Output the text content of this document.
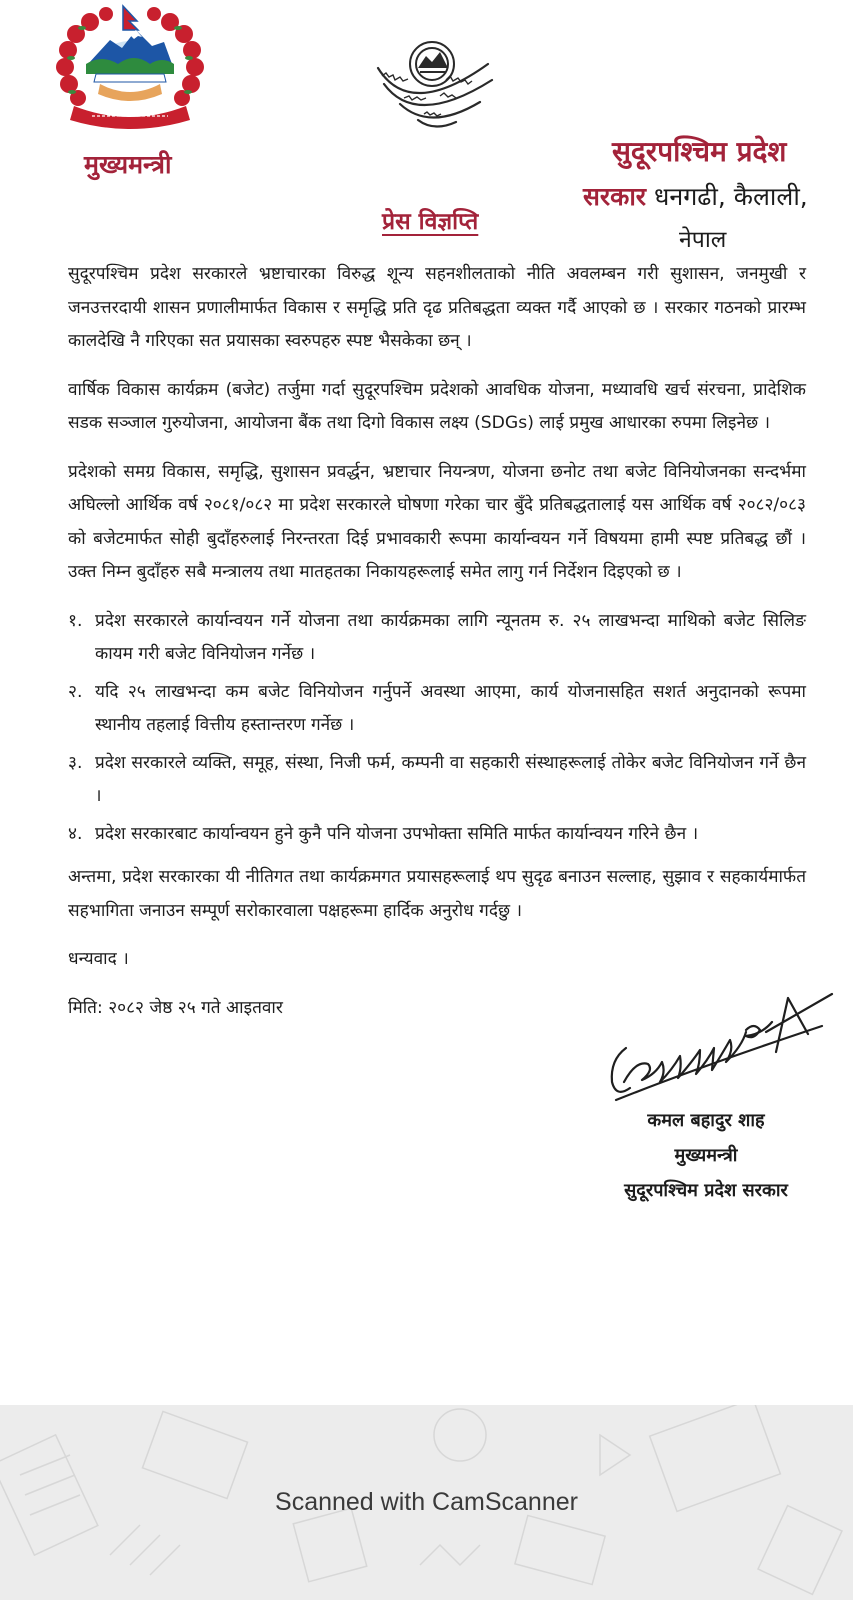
मुख्यमन्त्री	सुदूरपश्चिम प्रदेश
सरकार धनगढी, कैलाली,
नेपाल
प्रेस विज्ञप्ति

सुदूरपश्चिम प्रदेश सरकारले भ्रष्टाचारका विरुद्ध शून्य सहनशीलताको नीति अवलम्बन गरी सुशासन, जनमुखी र जनउत्तरदायी शासन प्रणालीमार्फत विकास र समृद्धि प्रति दृढ प्रतिबद्धता व्यक्त गर्दै आएको छ । सरकार गठनको प्रारम्भ कालदेखि नै गरिएका सत प्रयासका स्वरुपहरु स्पष्ट भैसकेका छन् ।

वार्षिक विकास कार्यक्रम (बजेट) तर्जुमा गर्दा सुदूरपश्चिम प्रदेशको आवधिक योजना, मध्यावधि खर्च संरचना, प्रादेशिक सडक सञ्जाल गुरुयोजना, आयोजना बैंक तथा दिगो विकास लक्ष्य (SDGs) लाई प्रमुख आधारका रुपमा लिइनेछ ।

प्रदेशको समग्र विकास, समृद्धि, सुशासन प्रवर्द्धन, भ्रष्टाचार नियन्त्रण, योजना छनोट तथा बजेट विनियोजनका सन्दर्भमा अघिल्लो आर्थिक वर्ष २०८१/०८२ मा प्रदेश सरकारले घोषणा गरेका चार बुँदे प्रतिबद्धतालाई यस आर्थिक वर्ष २०८२/०८३ को बजेटमार्फत सोही बुदाँहरुलाई निरन्तरता दिई प्रभावकारी रूपमा कार्यान्वयन गर्ने विषयमा हामी स्पष्ट प्रतिबद्ध छौं । उक्त निम्न बुदाँहरु सबै मन्त्रालय तथा मातहतका निकायहरूलाई समेत लागु गर्न निर्देशन दिइएको छ ।

१. प्रदेश सरकारले कार्यान्वयन गर्ने योजना तथा कार्यक्रमका लागि न्यूनतम रु. २५ लाखभन्दा माथिको बजेट सिलिङ कायम गरी बजेट विनियोजन गर्नेछ ।
२. यदि २५ लाखभन्दा कम बजेट विनियोजन गर्नुपर्ने अवस्था आएमा, कार्य योजनासहित सशर्त अनुदानको रूपमा स्थानीय तहलाई वित्तीय हस्तान्तरण गर्नेछ ।
३. प्रदेश सरकारले व्यक्ति, समूह, संस्था, निजी फर्म, कम्पनी वा सहकारी संस्थाहरूलाई तोकेर बजेट विनियोजन गर्ने छैन ।
४. प्रदेश सरकारबाट कार्यान्वयन हुने कुनै पनि योजना उपभोक्ता समिति मार्फत कार्यान्वयन गरिने छैन ।

अन्तमा, प्रदेश सरकारका यी नीतिगत तथा कार्यक्रमगत प्रयासहरूलाई थप सुदृढ बनाउन सल्लाह, सुझाव र सहकार्यमार्फत सहभागिता जनाउन सम्पूर्ण सरोकारवाला पक्षहरूमा हार्दिक अनुरोध गर्दछु ।

धन्यवाद ।

मिति: २०८२ जेष्ठ २५ गते आइतवार

कमल बहादुर शाह
मुख्यमन्त्री
सुदूरपश्चिम प्रदेश सरकार
Scanned with CamScanner
